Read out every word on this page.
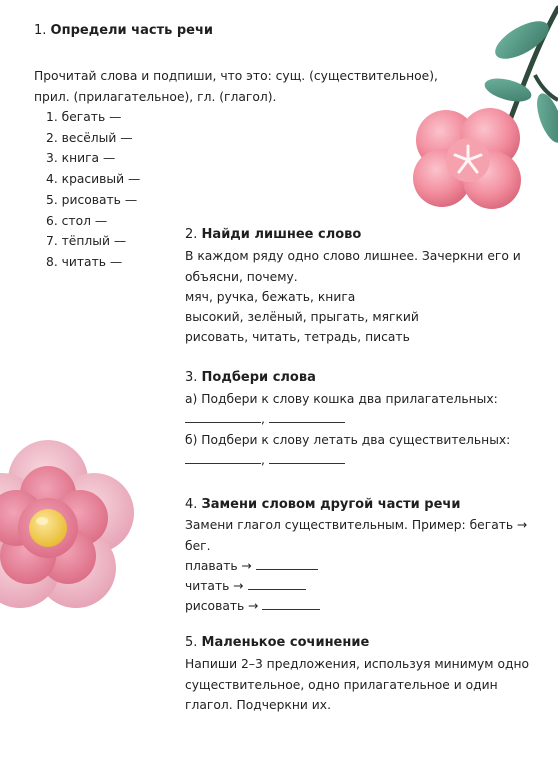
1. Определи часть речи

Прочитай слова и подпиши, что это: сущ. (существительное), прил. (прилагательное), гл. (глагол).

1. бегать —
2. весёлый —
3. книга —
4. красивый —
5. рисовать —
6. стол —
7. тёплый —
8. читать —
2. Найди лишнее слово

В каждом ряду одно слово лишнее. Зачеркни его и объясни, почему.

мяч, ручка, бежать, книга

высокий, зелёный, прыгать, мягкий

рисовать, читать, тетрадь, писать

3. Подбери слова

а) Подбери к слову кошка два прилагательных:

,

б) Подбери к слову летать два существительных:

,
4. Замени словом другой части речи

Замени глагол существительным. Пример: бегать → бег.

плавать →
читать →
рисовать →
5. Маленькое сочинение

Напиши 2–3 предложения, используя минимум одно существительное, одно прилагательное и один глагол. Подчеркни их.
